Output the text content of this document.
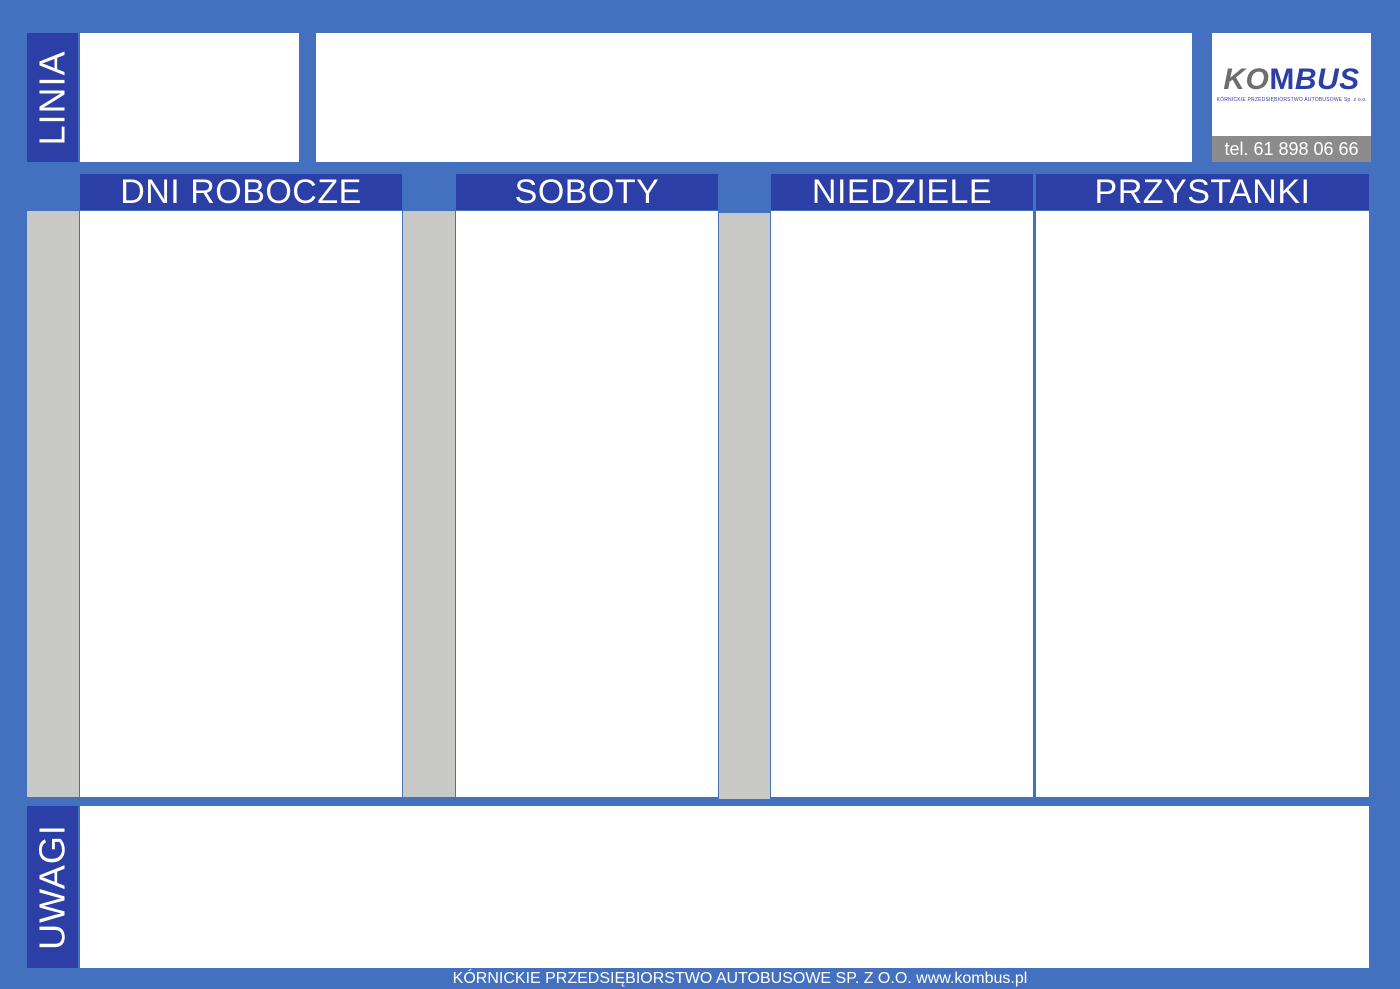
LINIA	KO M BUS
KÓRNICKIE PRZEDSIĘBIORSTWO AUTOBUSOWE Sp. z o.o.
tel. 61 898 06 66
DNI ROBOCZE	SOBOTY	NIEDZIELE	PRZYSTANKI
UWAGI
KÓRNICKIE PRZEDSIĘBIORSTWO AUTOBUSOWE SP. Z O.O. www.kombus.pl
